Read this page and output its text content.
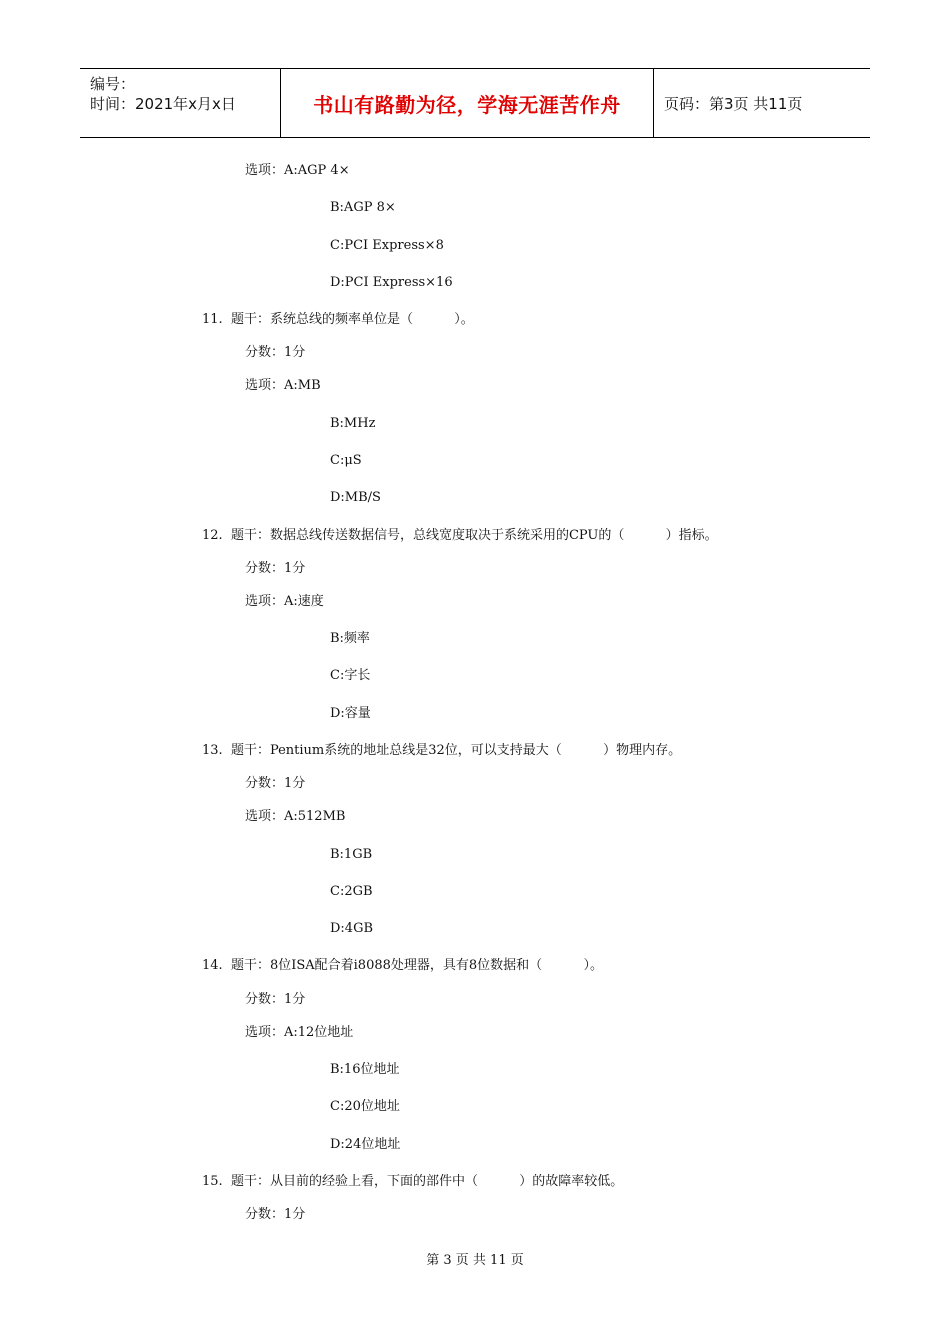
编号：
时间：2021年x月x日	书山有路勤为径，学海无涯苦作舟	页码：第3页 共11页
选项：A:AGP 4×
B:AGP 8×
C:PCI Express×8
D:PCI Express×16
11.  题干：系统总线的频率单位是（          ）。
分数：1分
选项：A:MB
B:MHz
C:μS
D:MB/S
12.  题干：数据总线传送数据信号，总线宽度取决于系统采用的CPU的（          ）指标。
分数：1分
选项：A:速度
B:频率
C:字长
D:容量
13.  题干：Pentium系统的地址总线是32位，可以支持最大（          ）物理内存。
分数：1分
选项：A:512MB
B:1GB
C:2GB
D:4GB
14.  题干：8位ISA配合着i8088处理器，具有8位数据和（          ）。
分数：1分
选项：A:12位地址
B:16位地址
C:20位地址
D:24位地址
15.  题干：从目前的经验上看，下面的部件中（          ）的故障率较低。
分数：1分
第 3 页 共 11 页
